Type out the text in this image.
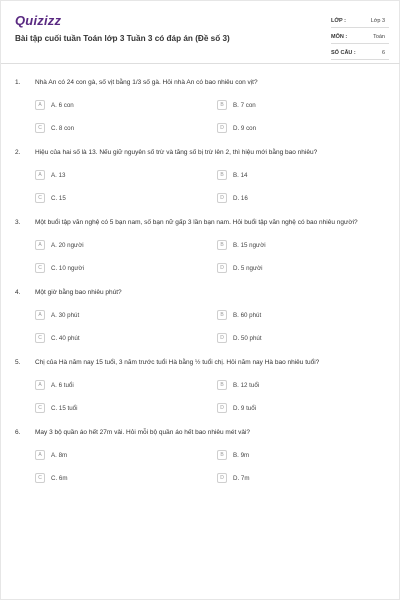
Quizizz
Bài tập cuối tuần Toán lớp 3 Tuần 3 có đáp án (Đề số 3)
LỚP :	Lớp 3
MÔN :	Toán
SỐ CÂU :	6
1. Nhà An có 24 con gà, số vịt bằng 1/3 số gà. Hỏi nhà An có bao nhiêu con vịt?
A	A. 6 con	B	B. 7 con
C	C. 8 con	D	D. 9 con
2. Hiệu của hai số là 13. Nếu giữ nguyên số trừ và tăng số bị trừ lên 2, thì hiệu mới bằng bao nhiêu?
A	A. 13	B	B. 14
C	C. 15	D	D. 16
3. Một buổi tập văn nghệ có 5 bạn nam, số bạn nữ gấp 3 lần bạn nam. Hỏi buổi tập văn nghệ có bao nhiêu người?
A	A. 20 người	B	B. 15 người
C	C. 10 người	D	D. 5 người
4. Một giờ bằng bao nhiêu phút?
A	A. 30 phút	B	B. 60 phút
C	C. 40 phút	D	D. 50 phút
5. Chị của Hà năm nay 15 tuổi, 3 năm trước tuổi Hà bằng ½ tuổi chị. Hỏi năm nay Hà bao nhiêu tuổi?
A	A. 6 tuổi	B	B. 12 tuổi
C	C. 15 tuổi	D	D. 9 tuổi
6. May 3 bộ quần áo hết 27m vải. Hỏi mỗi bộ quần áo hết bao nhiêu mét vải?
A	A. 8m	B	B. 9m
C	C. 6m	D	D. 7m
